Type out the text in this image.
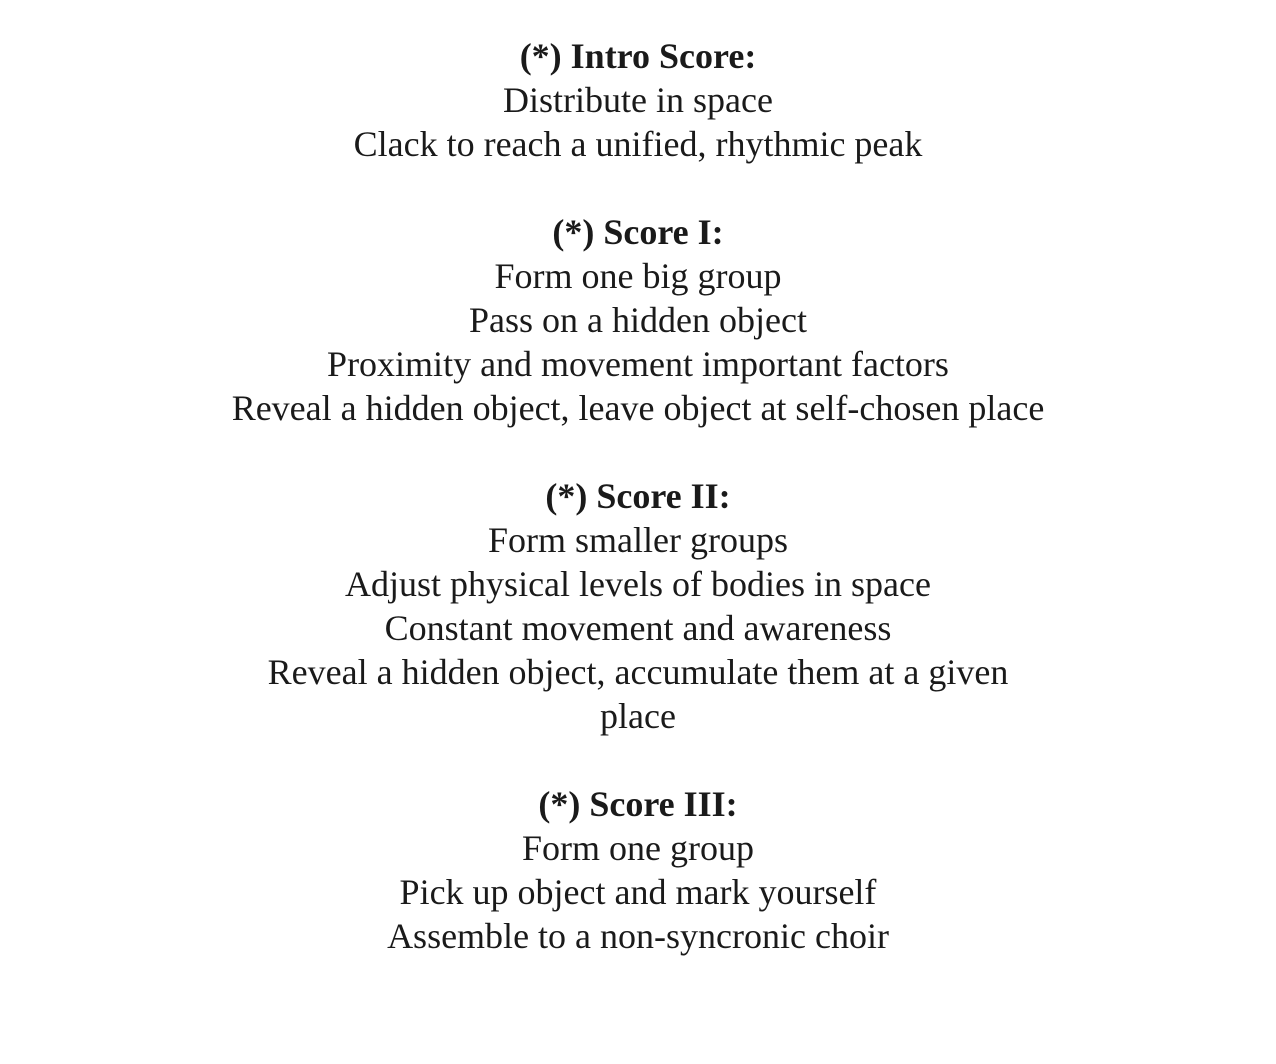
(*) Intro Score:
Distribute in space
Clack to reach a unified, rhythmic peak
(*) Score I:
Form one big group
Pass on a hidden object
Proximity and movement important factors
Reveal a hidden object, leave object at self-chosen place
(*) Score II:
Form smaller groups
Adjust physical levels of bodies in space
Constant movement and awareness
Reveal a hidden object, accumulate them at a given
place
(*) Score III:
Form one group
Pick up object and mark yourself
Assemble to a non-syncronic choir
